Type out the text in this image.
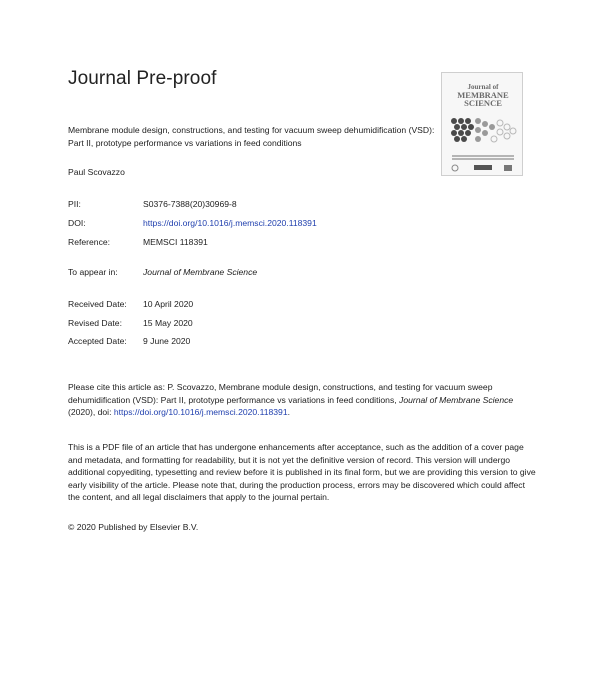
Journal Pre-proof	Journal of
MEMBRANE
SCIENCE
Membrane module design, constructions, and testing for vacuum sweep dehumidification (VSD): Part II, prototype performance vs variations in feed conditions
Paul Scovazzo
PII:	S0376-7388(20)30969-8
DOI:	https://doi.org/10.1016/j.memsci.2020.118391
Reference:	MEMSCI 118391
To appear in:	Journal of Membrane Science
Received Date: 10 April 2020
Revised Date: 15 May 2020
Accepted Date: 9 June 2020
Please cite this article as: P. Scovazzo, Membrane module design, constructions, and testing for vacuum sweep dehumidification (VSD): Part II, prototype performance vs variations in feed conditions, Journal of Membrane Science (2020), doi: https://doi.org/10.1016/j.memsci.2020.118391.
This is a PDF file of an article that has undergone enhancements after acceptance, such as the addition of a cover page and metadata, and formatting for readability, but it is not yet the definitive version of record. This version will undergo additional copyediting, typesetting and review before it is published in its final form, but we are providing this version to give early visibility of the article. Please note that, during the production process, errors may be discovered which could affect the content, and all legal disclaimers that apply to the journal pertain.
© 2020 Published by Elsevier B.V.
